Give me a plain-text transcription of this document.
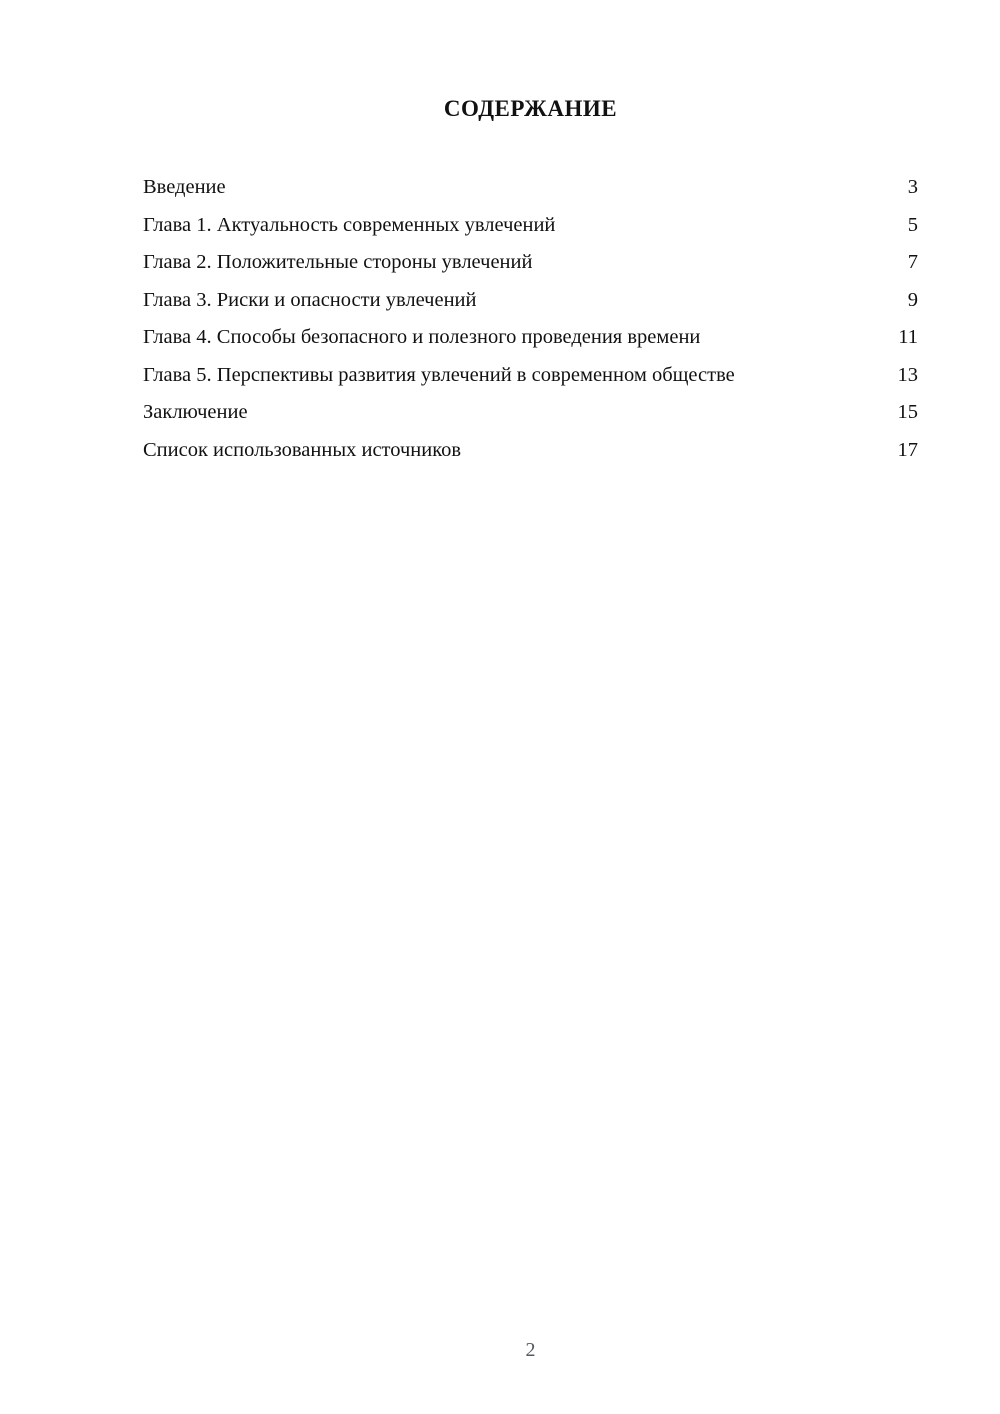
СОДЕРЖАНИЕ
Введение	3
Глава 1. Актуальность современных увлечений	5
Глава 2. Положительные стороны увлечений	7
Глава 3. Риски и опасности увлечений	9
Глава 4. Способы безопасного и полезного проведения времени	11
Глава 5. Перспективы развития увлечений в современном обществе	13
Заключение	15
Список использованных источников	17
2
